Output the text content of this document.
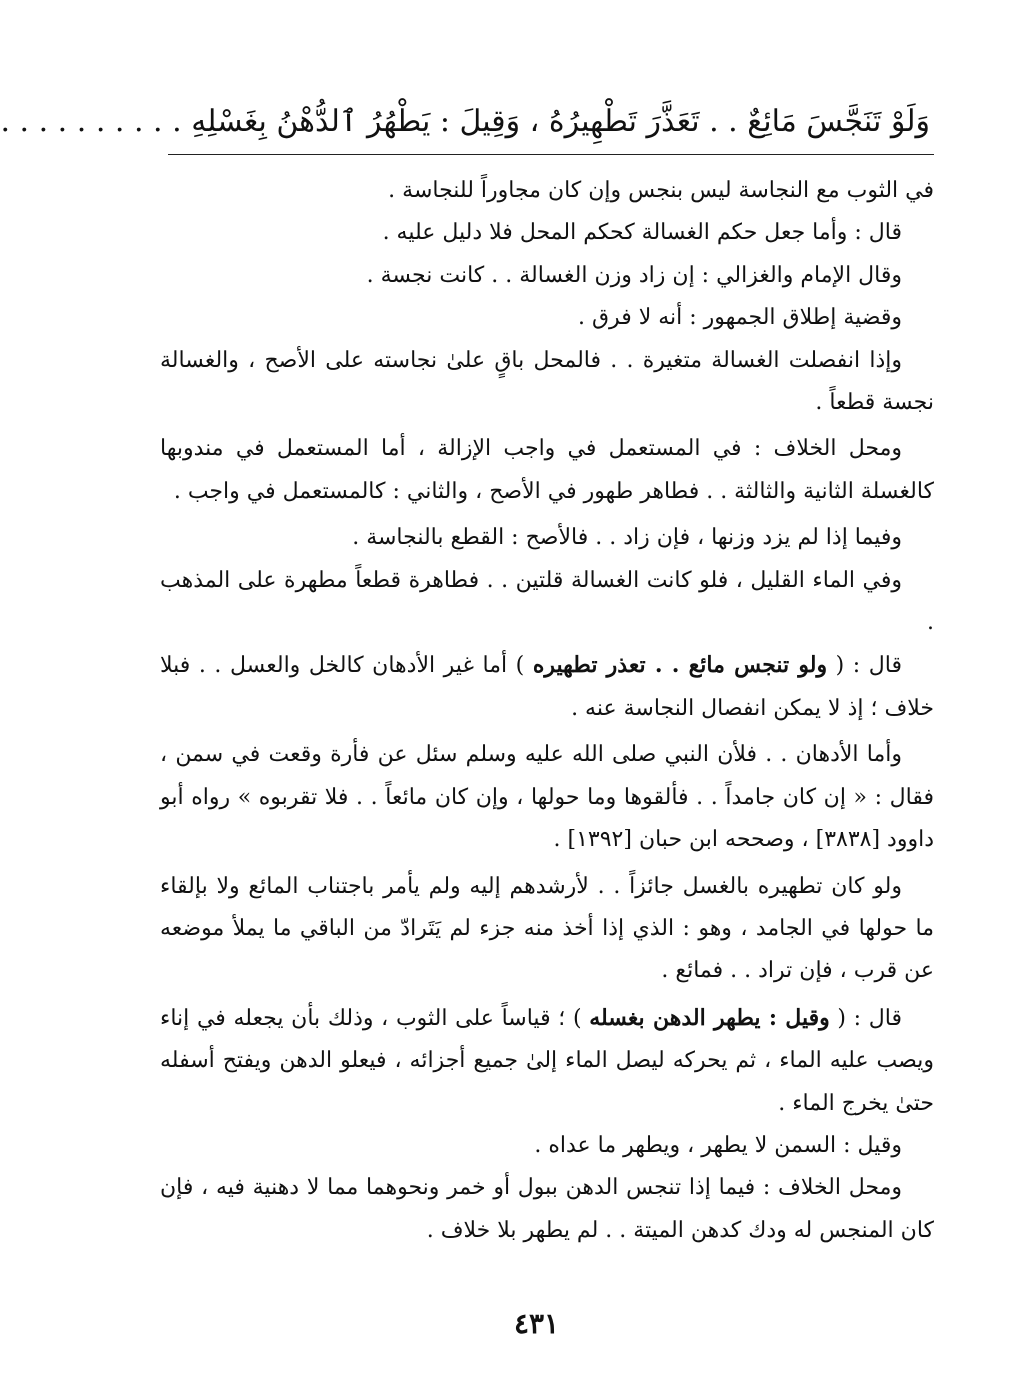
وَلَوْ تَنَجَّسَ مَائِعٌ . . تَعَذَّرَ تَطْهِيرُهُ ، وَقِيلَ : يَطْهُرُ ٱلدُّهْنُ بِغَسْلِهِ . . . . . . . . . .

في الثوب مع النجاسة ليس بنجس وإن كان مجاوراً للنجاسة .

قال : وأما جعل حكم الغسالة كحكم المحل فلا دليل عليه .

وقال الإمام والغزالي : إن زاد وزن الغسالة . . كانت نجسة .

وقضية إطلاق الجمهور : أنه لا فرق .

وإذا انفصلت الغسالة متغيرة . . فالمحل باقٍ علىٰ نجاسته على الأصح ، والغسالة نجسة قطعاً .

ومحل الخلاف : في المستعمل في واجب الإزالة ، أما المستعمل في مندوبها كالغسلة الثانية والثالثة . . فطاهر طهور في الأصح ، والثاني : كالمستعمل في واجب .

وفيما إذا لم يزد وزنها ، فإن زاد . . فالأصح : القطع بالنجاسة .

وفي الماء القليل ، فلو كانت الغسالة قلتين . . فطاهرة قطعاً مطهرة على المذهب .

قال : ( ولو تنجس مائع . . تعذر تطهيره ) أما غير الأدهان كالخل والعسل . . فبلا خلاف ؛ إذ لا يمكن انفصال النجاسة عنه .

وأما الأدهان . . فلأن النبي صلى الله عليه وسلم سئل عن فأرة وقعت في سمن ، فقال : « إن كان جامداً . . فألقوها وما حولها ، وإن كان مائعاً . . فلا تقربوه » رواه أبو داوود [٣٨٣٨] ، وصححه ابن حبان [١٣٩٢] .

ولو كان تطهيره بالغسل جائزاً . . لأرشدهم إليه ولم يأمر باجتناب المائع ولا بإلقاء ما حولها في الجامد ، وهو : الذي إذا أخذ منه جزء لم يَتَرادّ من الباقي ما يملأ موضعه عن قرب ، فإن تراد . . فمائع .

قال : ( وقيل : يطهر الدهن بغسله ) ؛ قياساً على الثوب ، وذلك بأن يجعله في إناء ويصب عليه الماء ، ثم يحركه ليصل الماء إلىٰ جميع أجزائه ، فيعلو الدهن ويفتح أسفله حتىٰ يخرج الماء .

وقيل : السمن لا يطهر ، ويطهر ما عداه .

ومحل الخلاف : فيما إذا تنجس الدهن ببول أو خمر ونحوهما مما لا دهنية فيه ، فإن كان المنجس له ودك كدهن الميتة . . لم يطهر بلا خلاف .

٤٣١
